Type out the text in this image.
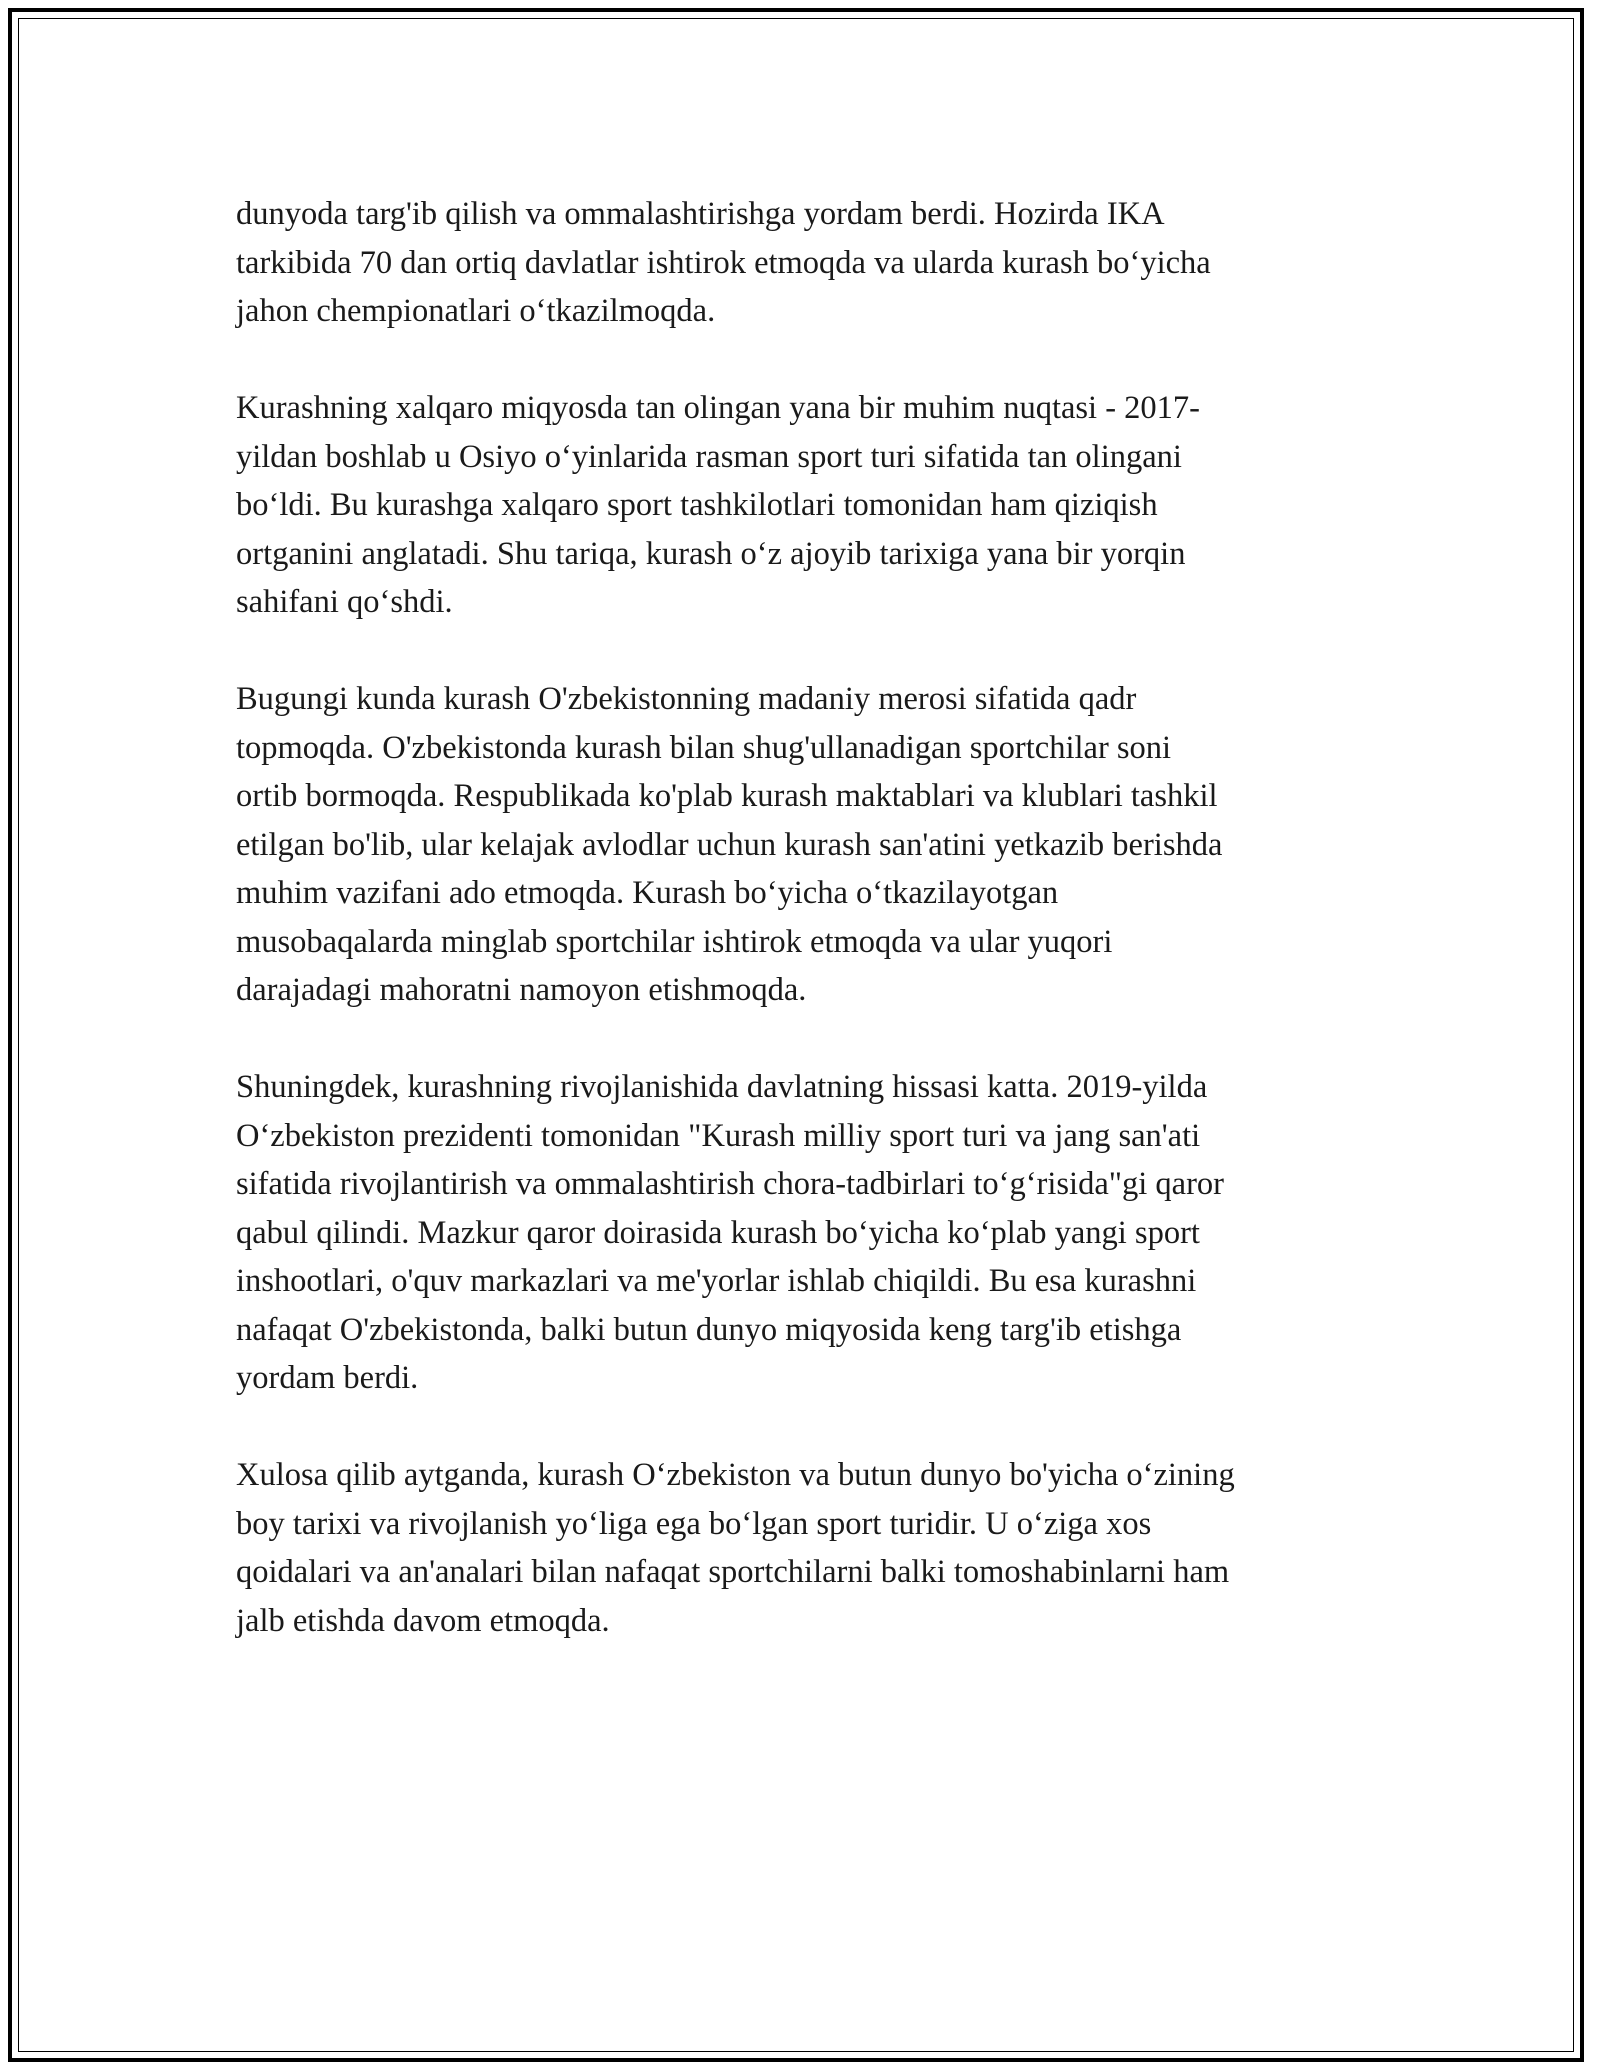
dunyoda targ'ib qilish va ommalashtirishga yordam berdi. Hozirda IKA
tarkibida 70 dan ortiq davlatlar ishtirok etmoqda va ularda kurash bo‘yicha
jahon chempionatlari o‘tkazilmoqda.

Kurashning xalqaro miqyosda tan olingan yana bir muhim nuqtasi - 2017-
yildan boshlab u Osiyo o‘yinlarida rasman sport turi sifatida tan olingani
bo‘ldi. Bu kurashga xalqaro sport tashkilotlari tomonidan ham qiziqish
ortganini anglatadi. Shu tariqa, kurash o‘z ajoyib tarixiga yana bir yorqin
sahifani qo‘shdi.

Bugungi kunda kurash O'zbekistonning madaniy merosi sifatida qadr
topmoqda. O'zbekistonda kurash bilan shug'ullanadigan sportchilar soni
ortib bormoqda. Respublikada ko'plab kurash maktablari va klublari tashkil
etilgan bo'lib, ular kelajak avlodlar uchun kurash san'atini yetkazib berishda
muhim vazifani ado etmoqda. Kurash bo‘yicha o‘tkazilayotgan
musobaqalarda minglab sportchilar ishtirok etmoqda va ular yuqori
darajadagi mahoratni namoyon etishmoqda.

Shuningdek, kurashning rivojlanishida davlatning hissasi katta. 2019-yilda
O‘zbekiston prezidenti tomonidan "Kurash milliy sport turi va jang san'ati
sifatida rivojlantirish va ommalashtirish chora-tadbirlari to‘g‘risida"gi qaror
qabul qilindi. Mazkur qaror doirasida kurash bo‘yicha ko‘plab yangi sport
inshootlari, o'quv markazlari va me'yorlar ishlab chiqildi. Bu esa kurashni
nafaqat O'zbekistonda, balki butun dunyo miqyosida keng targ'ib etishga
yordam berdi.

Xulosa qilib aytganda, kurash O‘zbekiston va butun dunyo bo'yicha o‘zining
boy tarixi va rivojlanish yo‘liga ega bo‘lgan sport turidir. U o‘ziga xos
qoidalari va an'analari bilan nafaqat sportchilarni balki tomoshabinlarni ham
jalb etishda davom etmoqda.
